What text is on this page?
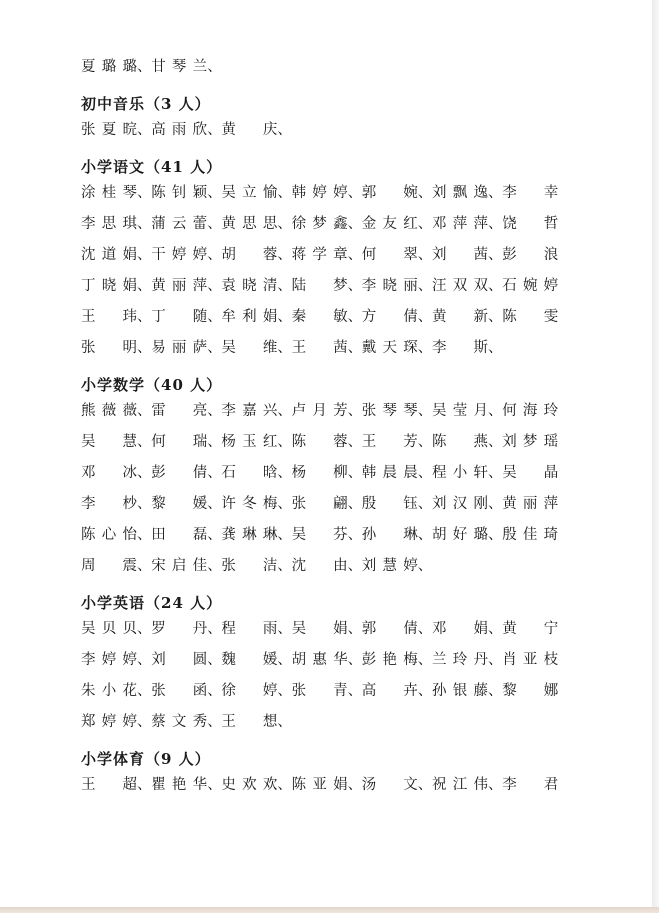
夏璐璐、 甘琴兰、
初中音乐（3 人）
张夏晥、 高雨欣、 黄 庆 、
小学语文（41 人）
涂桂琴、 陈钊颖、 吴立愉、 韩婷婷、 郭 婉 、 刘飘逸、 李 幸
李思琪、 蒲云蕾、 黄思思、 徐梦鑫、 金友红、 邓萍萍、 饶 哲
沈道娟、 干婷婷、 胡 蓉 、 蒋学章、 何 翠 、 刘 茜 、 彭 浪
丁晓娟、 黄丽萍、 袁晓清、 陆 梦 、 李晓丽、 汪双双、 石婉婷
王 玮 、 丁 随 、 牟利娟、 秦 敏 、 方 倩 、 黄 新 、 陈 雯
张 明 、 易丽萨、 吴 维 、 王 茜 、 戴天琛、 李 斯 、
小学数学（40 人）
熊薇薇、 雷 亮 、 李嘉兴、 卢月芳、 张琴琴、 吴莹月、 何海玲
吴 慧 、 何 瑞 、 杨玉红、 陈 蓉 、 王 芳 、 陈 燕 、 刘梦瑶
邓 冰 、 彭 倩 、 石 晗 、 杨 柳 、 韩晨晨、 程小轩、 吴 晶
李 杪 、 黎 媛 、 许冬梅、 张 翩 、 殷 钰 、 刘汉刚、 黄丽萍
陈心怡、 田 磊 、 龚琳琳、 吴 芬 、 孙 琳 、 胡好璐、 殷佳琦
周 震 、 宋启佳、 张 洁 、 沈 由 、 刘慧婷、
小学英语（24 人）
吴贝贝、 罗 丹 、 程 雨 、 吴 娟 、 郭 倩 、 邓 娟 、 黄 宁
李婷婷、 刘 圆 、 魏 媛 、 胡惠华、 彭艳梅、 兰玲丹、 肖亚枝
朱小花、 张 函 、 徐 婷 、 张 青 、 高 卉 、 孙银藤、 黎 娜
郑婷婷、 蔡文秀、 王 想 、
小学体育（9 人）
王 超 、 瞿艳华、 史欢欢、 陈亚娟、 汤 文 、 祝江伟、 李 君
